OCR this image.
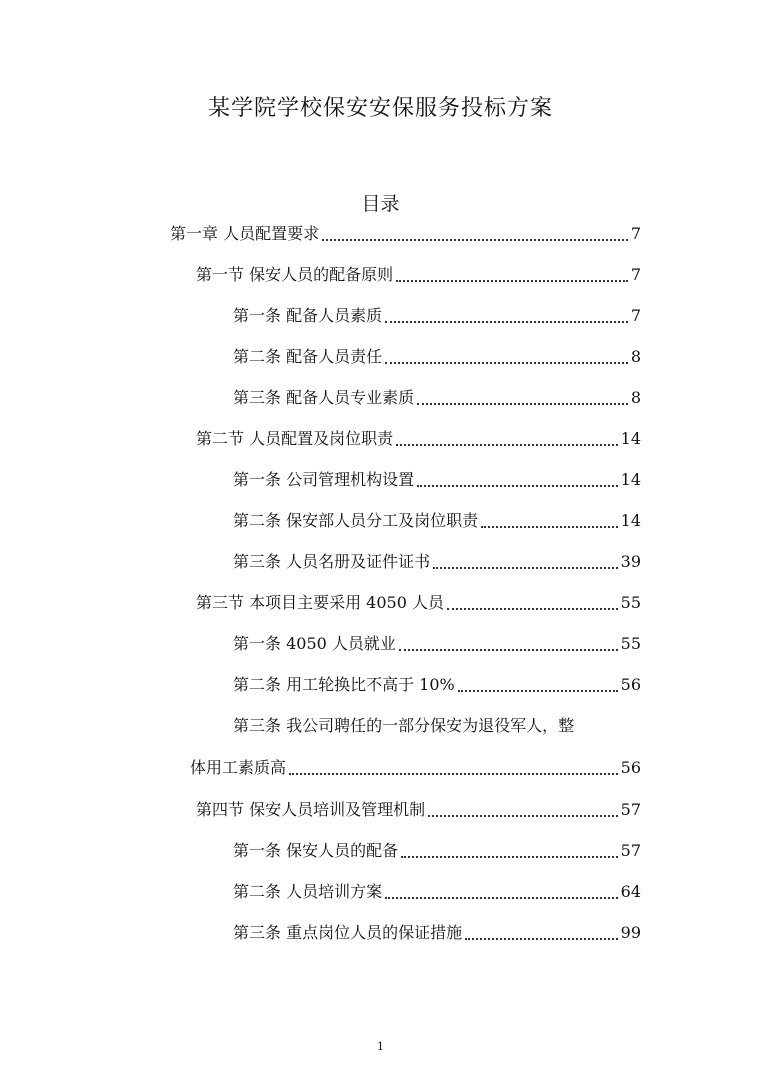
某学院学校保安安保服务投标方案
目录
第一章 人员配置要求	7
第一节 保安人员的配备原则	7
第一条 配备人员素质	7
第二条 配备人员责任	8
第三条 配备人员专业素质	8
第二节 人员配置及岗位职责	14
第一条 公司管理机构设置	14
第二条 保安部人员分工及岗位职责	14
第三条 人员名册及证件证书	39
第三节 本项目主要采用 4050 人员	55
第一条 4050 人员就业	55
第二条 用工轮换比不高于 10%	56
第三条 我公司聘任的一部分保安为退役军人，整
体用工素质高	56
第四节 保安人员培训及管理机制	57
第一条 保安人员的配备	57
第二条 人员培训方案	64
第三条 重点岗位人员的保证措施	99
1
